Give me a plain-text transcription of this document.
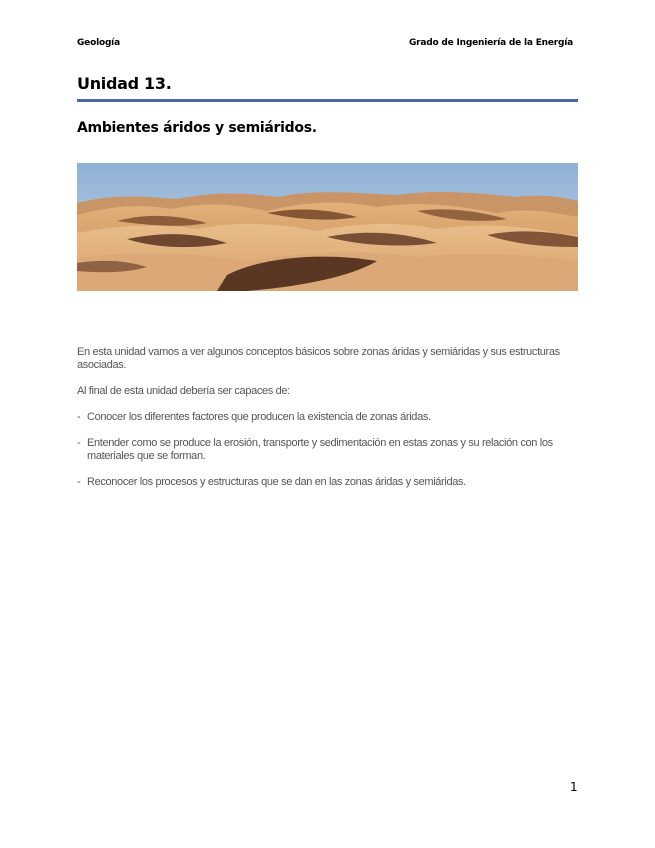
Geología	Grado de Ingeniería de la Energía
Unidad 13.
Ambientes áridos y semiáridos.

En esta unidad vamos a ver algunos conceptos básicos sobre zonas áridas y semiáridas y sus estructuras asociadas.

Al final de esta unidad debería ser capaces de:

- Conocer los diferentes factores que producen la existencia de zonas áridas.
- Entender como se produce la erosión, transporte y sedimentación en estas zonas y su relación con los materiales que se forman.
- Reconocer los procesos y estructuras que se dan en las zonas áridas y semiáridas.
1
